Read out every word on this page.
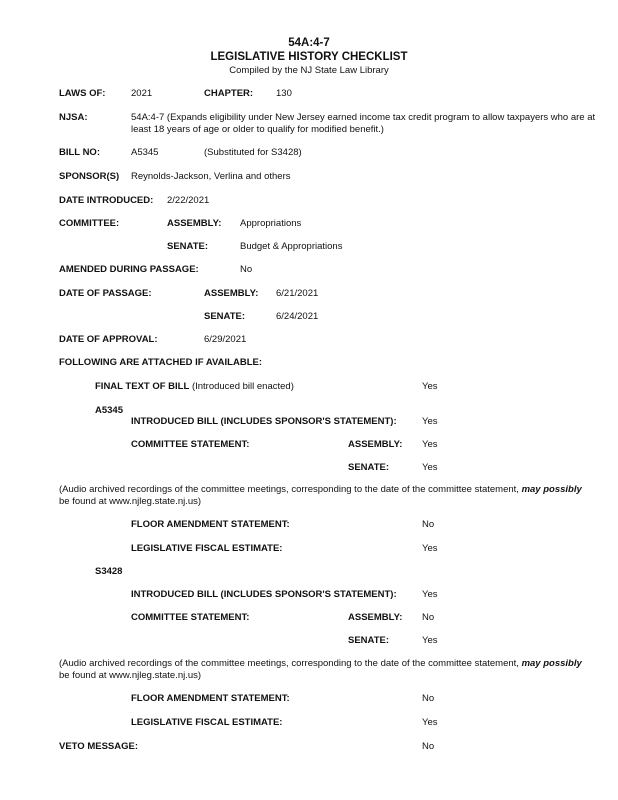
54A:4-7
LEGISLATIVE HISTORY CHECKLIST
Compiled by the NJ State Law Library
LAWS OF:	2021	CHAPTER: 130
NJSA:	54A:4-7 (Expands eligibility under New Jersey earned income tax credit program to allow taxpayers who are at least 18 years of age or older to qualify for modified benefit.)
BILL NO:	A5345	(Substituted for S3428)
SPONSOR(S) Reynolds-Jackson, Verlina and others
DATE INTRODUCED: 2/22/2021
COMMITTEE:	ASSEMBLY: Appropriations
SENATE:	Budget & Appropriations
AMENDED DURING PASSAGE:	No
DATE OF PASSAGE:	ASSEMBLY: 6/21/2021
SENATE:	6/24/2021
DATE OF APPROVAL:	6/29/2021
FOLLOWING ARE ATTACHED IF AVAILABLE:
FINAL TEXT OF BILL (Introduced bill enacted)	Yes
A5345
INTRODUCED BILL (INCLUDES SPONSOR'S STATEMENT):	Yes
COMMITTEE STATEMENT:	ASSEMBLY: Yes
SENATE:	Yes
(Audio archived recordings of the committee meetings, corresponding to the date of the committee statement, may possibly
be found at www.njleg.state.nj.us)
FLOOR AMENDMENT STATEMENT:	No
LEGISLATIVE FISCAL ESTIMATE:	Yes
S3428
INTRODUCED BILL (INCLUDES SPONSOR'S STATEMENT):	Yes
COMMITTEE STATEMENT:	ASSEMBLY: No
SENATE:	Yes
(Audio archived recordings of the committee meetings, corresponding to the date of the committee statement, may possibly
be found at www.njleg.state.nj.us)
FLOOR AMENDMENT STATEMENT:	No
LEGISLATIVE FISCAL ESTIMATE:	Yes
VETO MESSAGE:	No
